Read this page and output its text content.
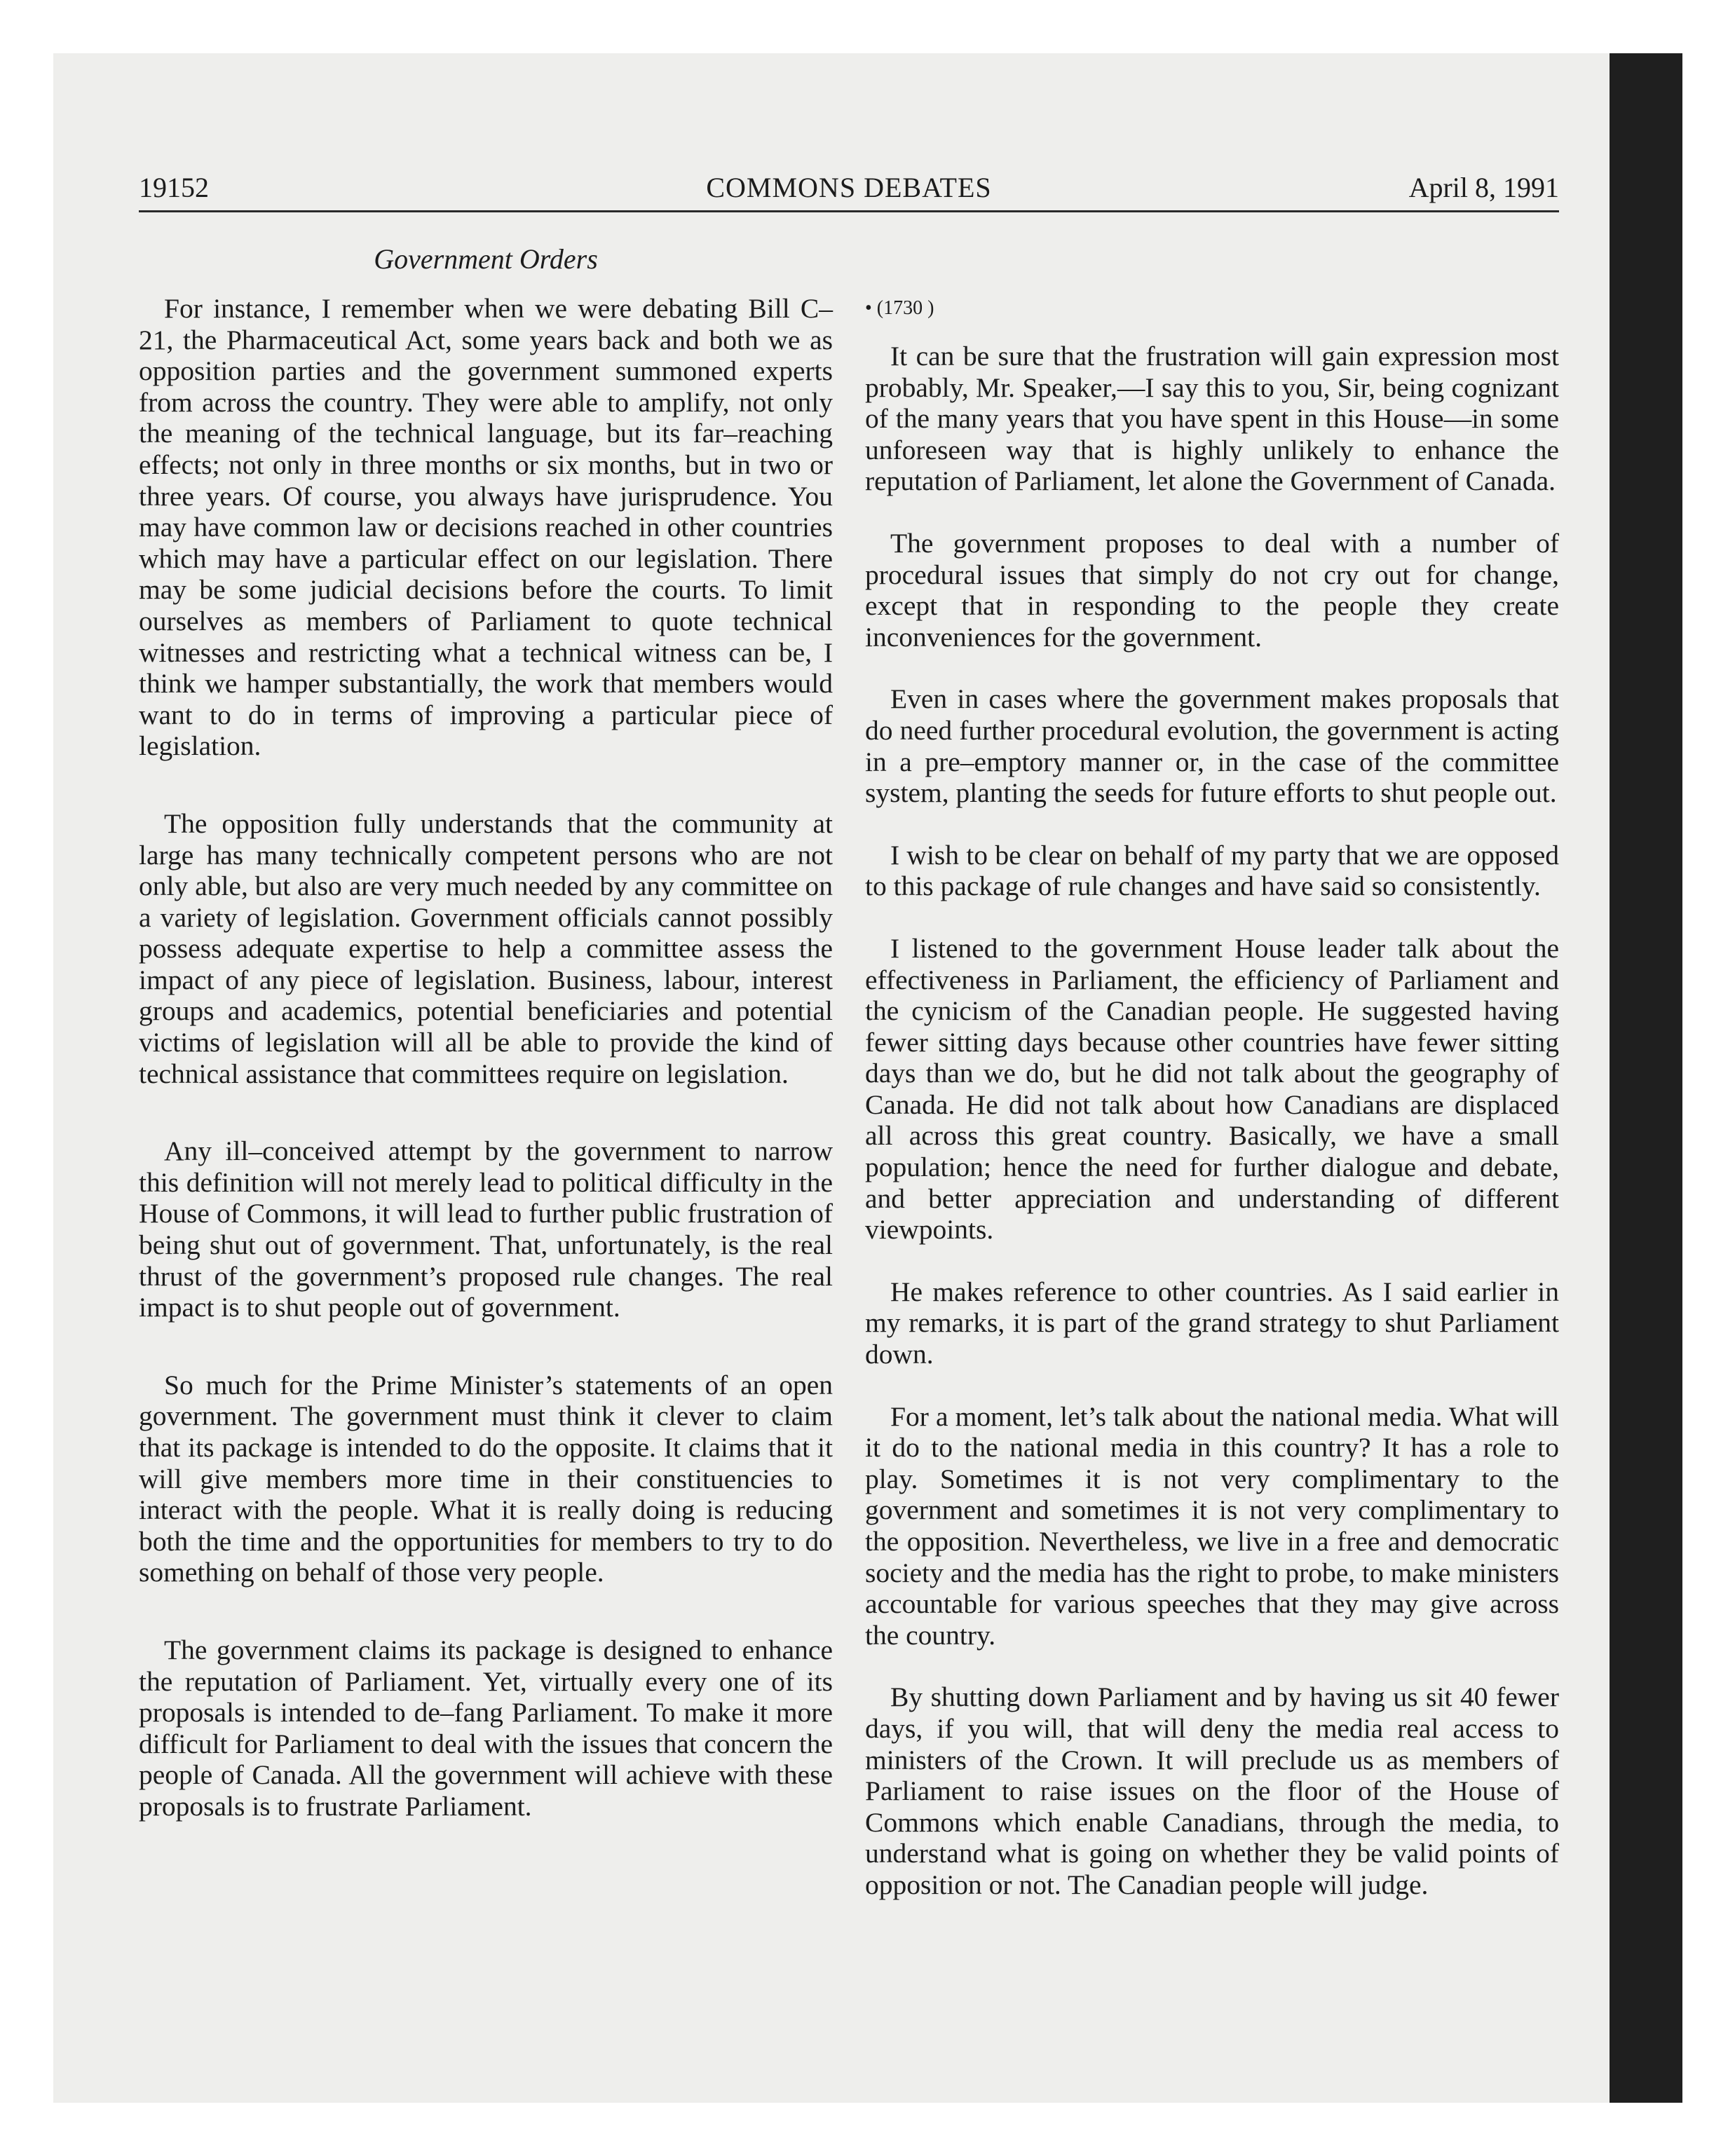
19152	COMMONS DEBATES	April 8, 1991
Government Orders

For instance, I remember when we were debating Bill C–21, the Pharmaceutical Act, some years back and both we as opposition parties and the government summoned experts from across the country. They were able to amplify, not only the meaning of the technical language, but its far–reaching effects; not only in three months or six months, but in two or three years. Of course, you always have jurisprudence. You may have common law or decisions reached in other countries which may have a particular effect on our legislation. There may be some judicial decisions before the courts. To limit ourselves as members of Parliament to quote technical witnesses and restricting what a technical witness can be, I think we hamper substantially, the work that members would want to do in terms of improving a particular piece of legislation.

The opposition fully understands that the community at large has many technically competent persons who are not only able, but also are very much needed by any committee on a variety of legislation. Government officials cannot possibly possess adequate expertise to help a committee assess the impact of any piece of legislation. Business, labour, interest groups and academics, potential beneficiaries and potential victims of legislation will all be able to provide the kind of technical assistance that committees require on legislation.

Any ill–conceived attempt by the government to narrow this definition will not merely lead to political difficulty in the House of Commons, it will lead to further public frustration of being shut out of government. That, unfortunately, is the real thrust of the government’s proposed rule changes. The real impact is to shut people out of government.

So much for the Prime Minister’s statements of an open government. The government must think it clever to claim that its package is intended to do the opposite. It claims that it will give members more time in their constituencies to interact with the people. What it is really doing is reducing both the time and the opportunities for members to try to do something on behalf of those very people.

The government claims its package is designed to enhance the reputation of Parliament. Yet, virtually every one of its proposals is intended to de–fang Parliament. To make it more difficult for Parliament to deal with the issues that concern the people of Canada. All the government will achieve with these proposals is to frustrate Parliament.

• (1730 )

It can be sure that the frustration will gain expression most probably, Mr. Speaker,—I say this to you, Sir, being cognizant of the many years that you have spent in this House—in some unforeseen way that is highly unlikely to enhance the reputation of Parliament, let alone the Government of Canada.

The government proposes to deal with a number of procedural issues that simply do not cry out for change, except that in responding to the people they create inconveniences for the government.

Even in cases where the government makes proposals that do need further procedural evolution, the government is acting in a pre–emptory manner or, in the case of the committee system, planting the seeds for future efforts to shut people out.

I wish to be clear on behalf of my party that we are opposed to this package of rule changes and have said so consistently.

I listened to the government House leader talk about the effectiveness in Parliament, the efficiency of Parliament and the cynicism of the Canadian people. He suggested having fewer sitting days because other countries have fewer sitting days than we do, but he did not talk about the geography of Canada. He did not talk about how Canadians are displaced all across this great country. Basically, we have a small population; hence the need for further dialogue and debate, and better appreciation and understanding of different viewpoints.

He makes reference to other countries. As I said earlier in my remarks, it is part of the grand strategy to shut Parliament down.

For a moment, let’s talk about the national media. What will it do to the national media in this country? It has a role to play. Sometimes it is not very complimentary to the government and sometimes it is not very complimentary to the opposition. Nevertheless, we live in a free and democratic society and the media has the right to probe, to make ministers accountable for various speeches that they may give across the country.

By shutting down Parliament and by having us sit 40 fewer days, if you will, that will deny the media real access to ministers of the Crown. It will preclude us as members of Parliament to raise issues on the floor of the House of Commons which enable Canadians, through the media, to understand what is going on whether they be valid points of opposition or not. The Canadian people will judge.
